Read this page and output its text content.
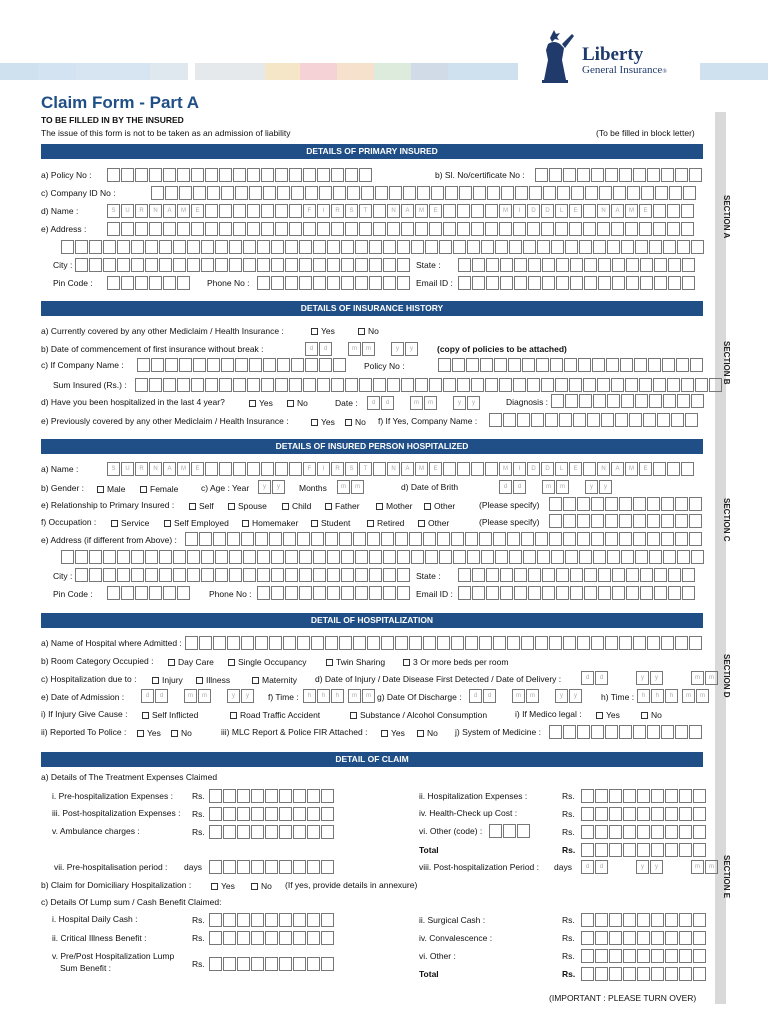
Liberty
General Insurance®
Claim Form - Part A
TO BE FILLED IN BY THE INSURED
The issue of this form is not to be taken as an admission of liability	(To be filled in block letter)
SECTION A
SECTION B
SECTION C
SECTION D
SECTION E
DETAILS OF PRIMARY INSURED
a) Policy No :	b) Sl. No/certificate No :
c) Company ID No :
d) Name :	S	U	R	N	A	M	E	F	I	R	S	T	N	A	M	E	M	I	D	D	L	E	N	A	M	E
e) Address :
City :	State :
Pin Code :	Phone No :	Email ID :
DETAILS OF INSURANCE HISTORY
a) Currently covered by any other Mediclaim / Health Insurance :	Yes	No
b) Date of commencement of first insurance without break :	d	d	m	m	y	y	(copy of policies to be attached)
c) If Company Name :	Policy No :
Sum Insured (Rs.) :
d) Have you been hospitalized in the last 4 year?	Yes	No	Date :	d	d	m	m	y	y	Diagnosis :
e) Previously covered by any other Mediclaim / Health Insurance :	Yes	No f) If Yes, Company Name :
DETAILS OF INSURED PERSON HOSPITALIZED
a) Name :	S	U	R	N	A	M	E	F	I	R	S	T	N	A	M	E	M	I	D	D	L	E	N	A	M	E
b) Gender :	Male	Female	c) Age : Year	y	y	Months	m	m	d) Date of Brith	d	d	m	m	y	y
e) Relationship to Primary Insured :	Self	Spouse	Child	Father	Mother	Other	(Please specify)
f) Occupation :	Service	Self Employed	Homemaker	Student	Retired	Other	(Please specify)
e) Address (if different from Above) :
City :	State :
Pin Code :	Phone No :	Email ID :
DETAIL OF HOSPITALIZATION
a) Name of Hospital where Admitted :
b) Room Category Occupied :	Day Care	Single Occupancy	Twin Sharing	3 Or more beds per room
c) Hospitalization due to :	Injury	Illness	Maternity d) Date of Injury / Date Disease First Detected / Date of Delivery :	d	d	y	y	m	m
e) Date of Admission :	d	d	m	m	y	y	f) Time :	h	h	h	m	m g) Date Of Discharge :	d	d	m	m	y	y	h) Time :	h	h	h	m	m
i) If Injury Give Cause :	Self Inflicted	Road Traffic Accident	Substance / Alcohol Consumption	i) If Medico legal :	Yes	No
ii) Reported To Police :	Yes	No	iii) MLC Report & Police FIR Attached :	Yes	No j) System of Medicine :
DETAIL OF CLAIM
a) Details of The Treatment Expenses Claimed
i. Pre-hospitalization Expenses : Rs.	ii. Hospitalization Expenses :	Rs.
iii. Post-hospitalization Expenses : Rs.	iv. Health-Check up Cost :	Rs.
v. Ambulance charges :	Rs.	vi. Other (code) :	Rs.
Total	Rs.
vii. Pre-hospitalisation period : days	viii. Post-hospitalization Period : days	d	d	y	y	m	m
b) Claim for Domiciliary Hospitalization :	Yes	No (If yes, provide details in annexure)
c) Details Of Lump sum / Cash Benefit Claimed:
i. Hospital Daily Cash :	Rs.	ii. Surgical Cash :	Rs.
ii. Critical Illness Benefit :	Rs.	iv. Convalescence :	Rs.
v. Pre/Post Hospitalization Lump
Sum Benefit :	Rs.
vi. Other :	Rs.
Total	Rs.
(IMPORTANT : PLEASE TURN OVER)
